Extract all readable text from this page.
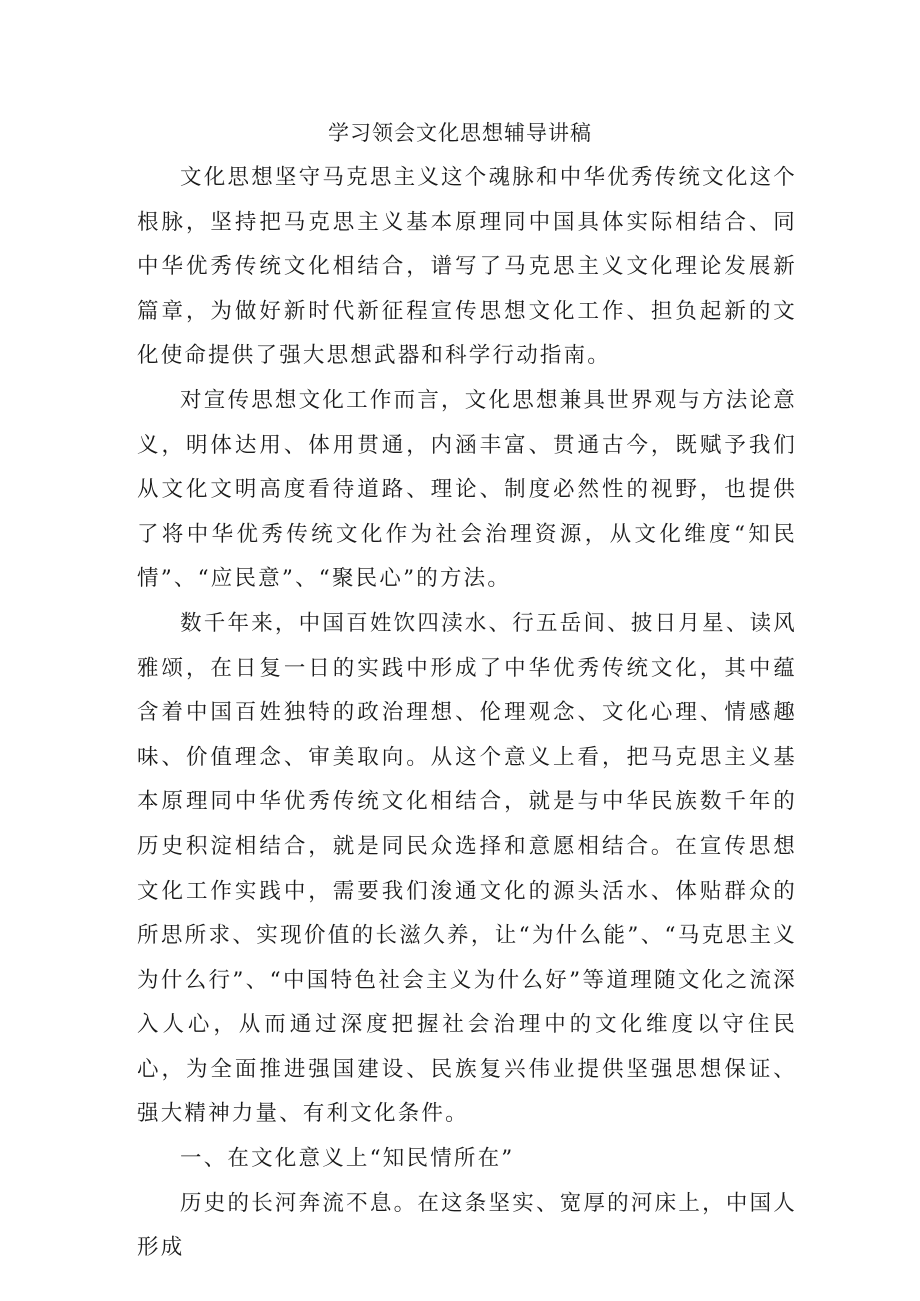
学习领会文化思想辅导讲稿

文化思想坚守马克思主义这个魂脉和中华优秀传统文化这个根脉，坚持把马克思主义基本原理同中国具体实际相结合、同中华优秀传统文化相结合，谱写了马克思主义文化理论发展新篇章，为做好新时代新征程宣传思想文化工作、担负起新的文化使命提供了强大思想武器和科学行动指南。

对宣传思想文化工作而言，文化思想兼具世界观与方法论意义，明体达用、体用贯通，内涵丰富、贯通古今，既赋予我们从文化文明高度看待道路、理论、制度必然性的视野，也提供了将中华优秀传统文化作为社会治理资源，从文化维度“知民情”、“应民意”、“聚民心”的方法。

数千年来，中国百姓饮四渎水、行五岳间、披日月星、读风雅颂，在日复一日的实践中形成了中华优秀传统文化，其中蕴含着中国百姓独特的政治理想、伦理观念、文化心理、情感趣味、价值理念、审美取向。从这个意义上看，把马克思主义基本原理同中华优秀传统文化相结合，就是与中华民族数千年的历史积淀相结合，就是同民众选择和意愿相结合。在宣传思想文化工作实践中，需要我们浚通文化的源头活水、体贴群众的所思所求、实现价值的长滋久养，让“为什么能”、“马克思主义为什么行”、“中国特色社会主义为什么好”等道理随文化之流深入人心，从而通过深度把握社会治理中的文化维度以守住民心，为全面推进强国建设、民族复兴伟业提供坚强思想保证、强大精神力量、有利文化条件。

一、在文化意义上“知民情所在”

历史的长河奔流不息。在这条坚实、宽厚的河床上，中国人形成
